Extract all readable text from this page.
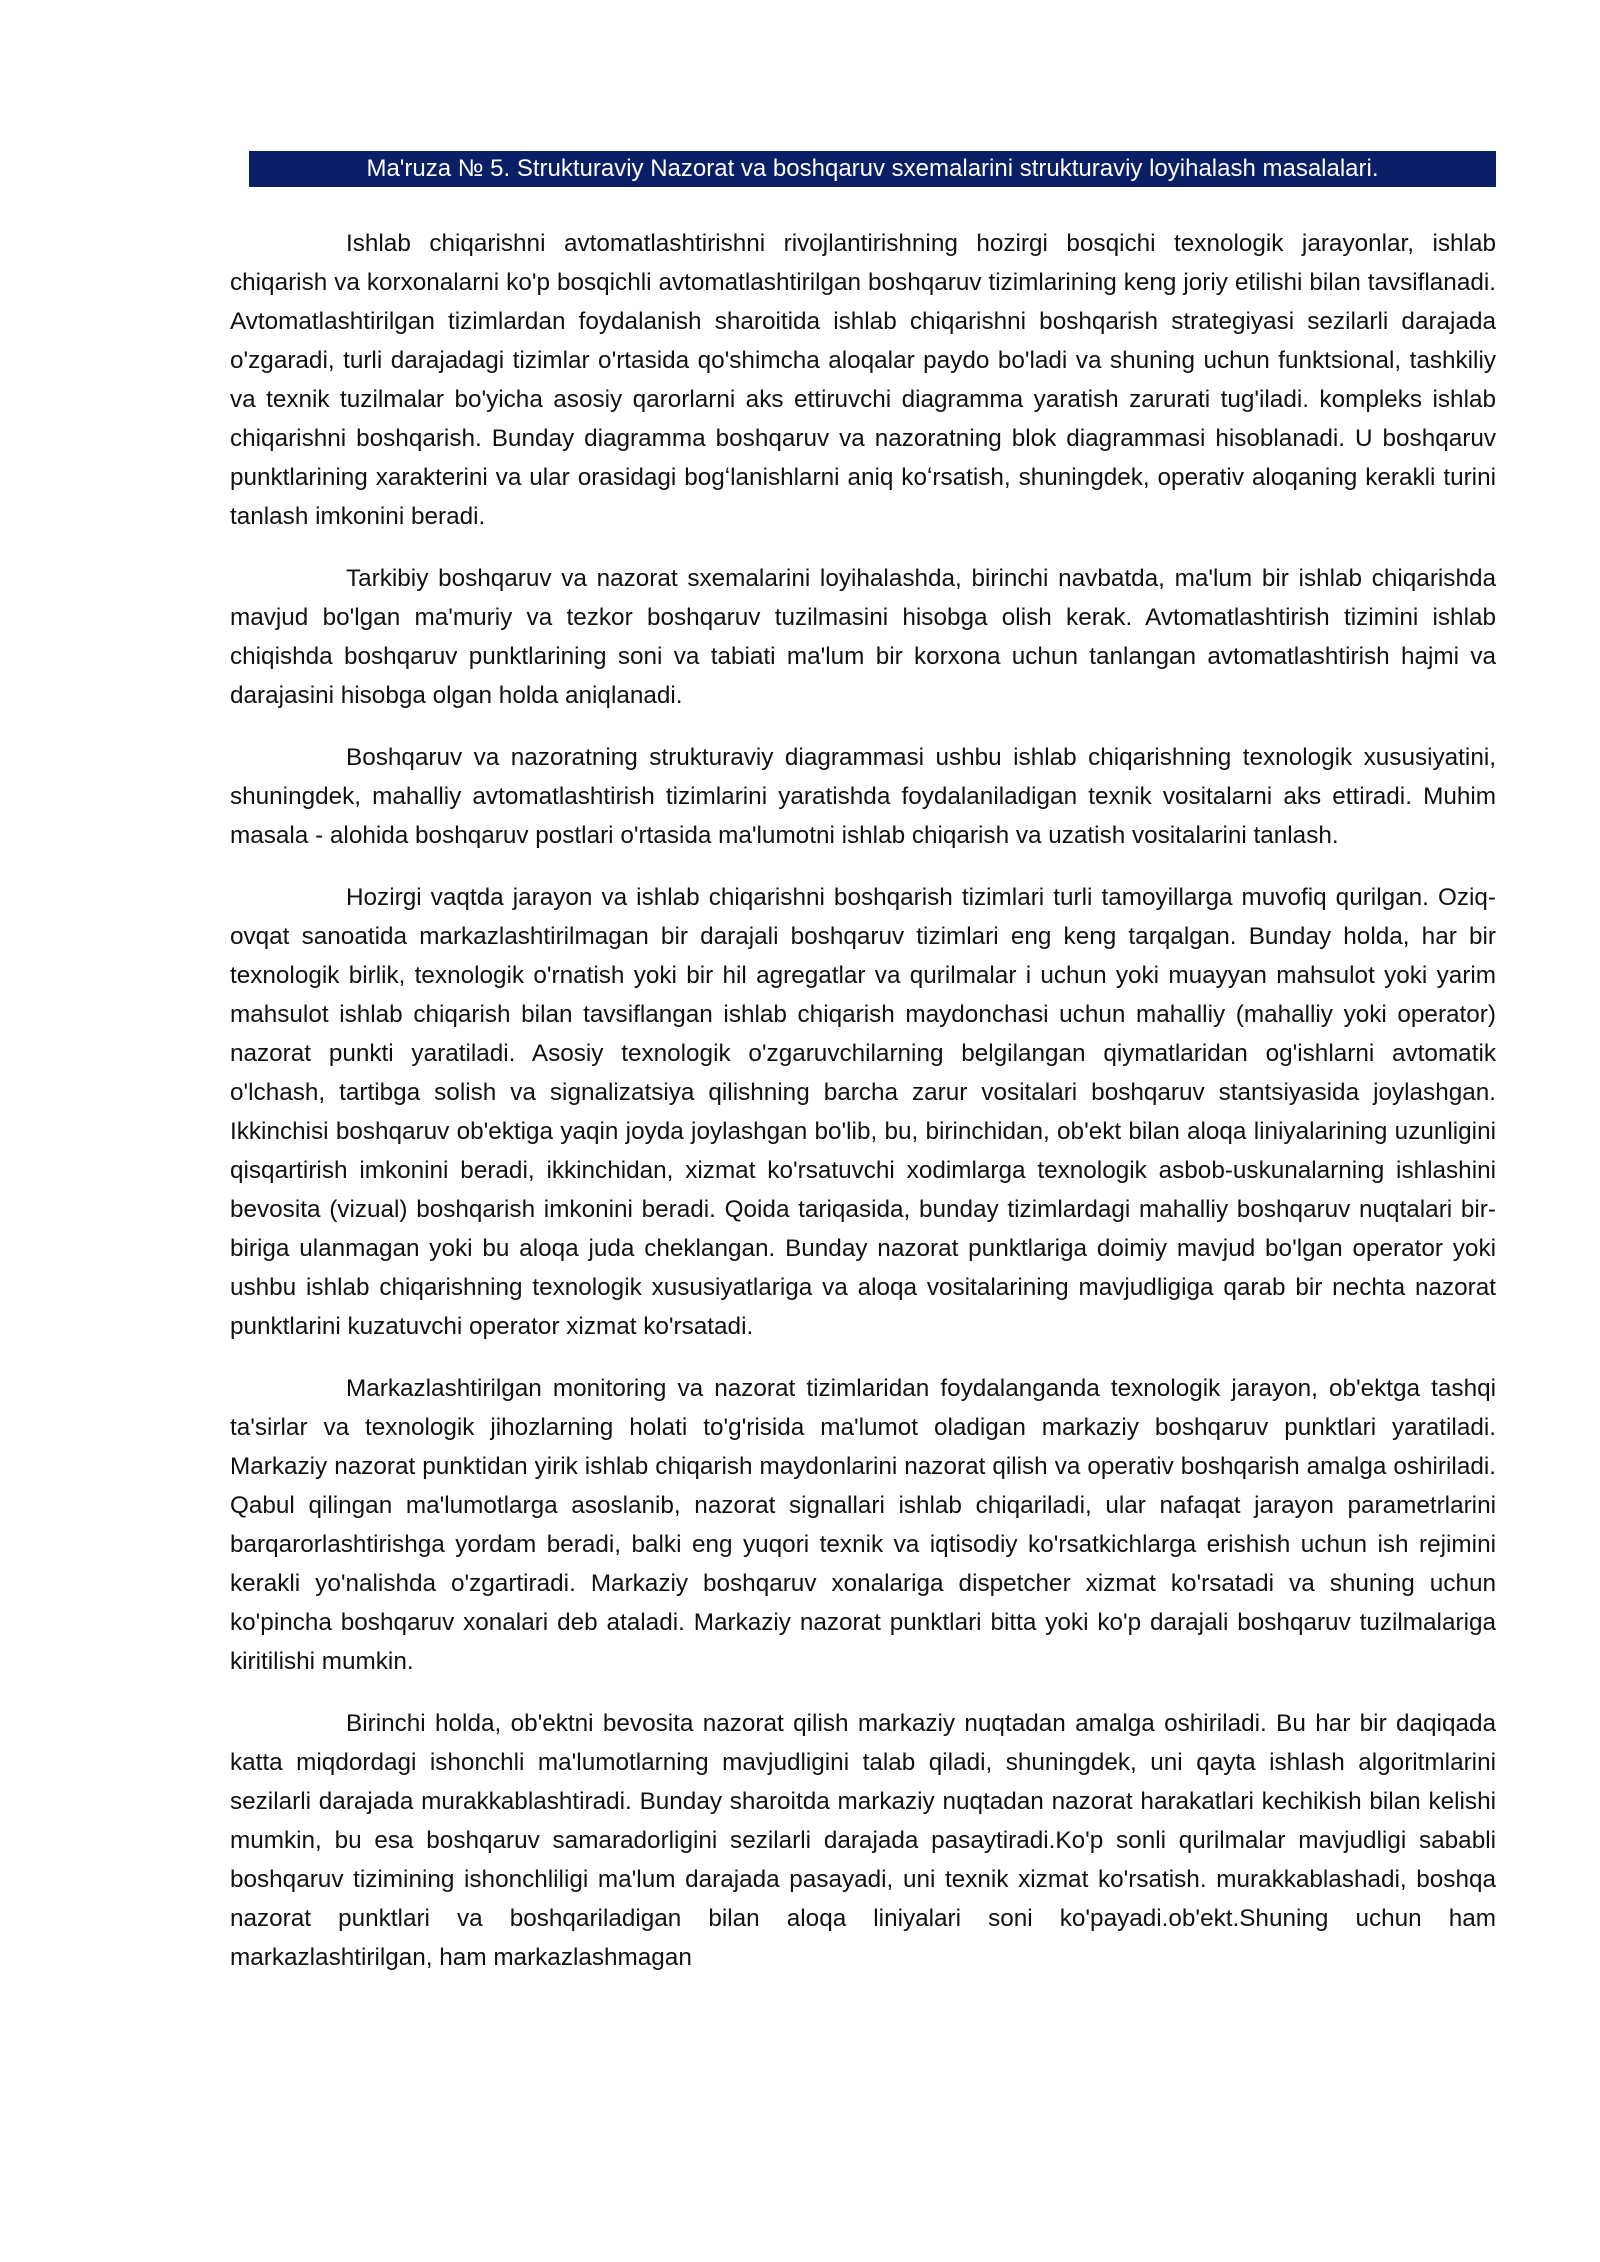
Ma'ruza № 5. Strukturaviy Nazorat va boshqaruv sxemalarini strukturaviy loyihalash masalalari.

Ishlab chiqarishni avtomatlashtirishni rivojlantirishning hozirgi bosqichi texnologik jarayonlar, ishlab chiqarish va korxonalarni ko'p bosqichli avtomatlashtirilgan boshqaruv tizimlarining keng joriy etilishi bilan tavsiflanadi. Avtomatlashtirilgan tizimlardan foydalanish sharoitida ishlab chiqarishni boshqarish strategiyasi sezilarli darajada o'zgaradi, turli darajadagi tizimlar o'rtasida qo'shimcha aloqalar paydo bo'ladi va shuning uchun funktsional, tashkiliy va texnik tuzilmalar bo'yicha asosiy qarorlarni aks ettiruvchi diagramma yaratish zarurati tug'iladi. kompleks ishlab chiqarishni boshqarish. Bunday diagramma boshqaruv va nazoratning blok diagrammasi hisoblanadi. U boshqaruv punktlarining xarakterini va ular orasidagi bogʻlanishlarni aniq koʻrsatish, shuningdek, operativ aloqaning kerakli turini tanlash imkonini beradi.

Tarkibiy boshqaruv va nazorat sxemalarini loyihalashda, birinchi navbatda, ma'lum bir ishlab chiqarishda mavjud bo'lgan ma'muriy va tezkor boshqaruv tuzilmasini hisobga olish kerak. Avtomatlashtirish tizimini ishlab chiqishda boshqaruv punktlarining soni va tabiati ma'lum bir korxona uchun tanlangan avtomatlashtirish hajmi va darajasini hisobga olgan holda aniqlanadi.

Boshqaruv va nazoratning strukturaviy diagrammasi ushbu ishlab chiqarishning texnologik xususiyatini, shuningdek, mahalliy avtomatlashtirish tizimlarini yaratishda foydalaniladigan texnik vositalarni aks ettiradi. Muhim masala - alohida boshqaruv postlari o'rtasida ma'lumotni ishlab chiqarish va uzatish vositalarini tanlash.

Hozirgi vaqtda jarayon va ishlab chiqarishni boshqarish tizimlari turli tamoyillarga muvofiq qurilgan. Oziq-ovqat sanoatida markazlashtirilmagan bir darajali boshqaruv tizimlari eng keng tarqalgan. Bunday holda, har bir texnologik birlik, texnologik o'rnatish yoki bir hil agregatlar va qurilmalar i uchun yoki muayyan mahsulot yoki yarim mahsulot ishlab chiqarish bilan tavsiflangan ishlab chiqarish maydonchasi uchun mahalliy (mahalliy yoki operator) nazorat punkti yaratiladi. Asosiy texnologik o'zgaruvchilarning belgilangan qiymatlaridan og'ishlarni avtomatik o'lchash, tartibga solish va signalizatsiya qilishning barcha zarur vositalari boshqaruv stantsiyasida joylashgan. Ikkinchisi boshqaruv ob'ektiga yaqin joyda joylashgan bo'lib, bu, birinchidan, ob'ekt bilan aloqa liniyalarining uzunligini qisqartirish imkonini beradi, ikkinchidan, xizmat ko'rsatuvchi xodimlarga texnologik asbob-uskunalarning ishlashini bevosita (vizual) boshqarish imkonini beradi. Qoida tariqasida, bunday tizimlardagi mahalliy boshqaruv nuqtalari bir-biriga ulanmagan yoki bu aloqa juda cheklangan. Bunday nazorat punktlariga doimiy mavjud bo'lgan operator yoki ushbu ishlab chiqarishning texnologik xususiyatlariga va aloqa vositalarining mavjudligiga qarab bir nechta nazorat punktlarini kuzatuvchi operator xizmat ko'rsatadi.

Markazlashtirilgan monitoring va nazorat tizimlaridan foydalanganda texnologik jarayon, ob'ektga tashqi ta'sirlar va texnologik jihozlarning holati to'g'risida ma'lumot oladigan markaziy boshqaruv punktlari yaratiladi. Markaziy nazorat punktidan yirik ishlab chiqarish maydonlarini nazorat qilish va operativ boshqarish amalga oshiriladi. Qabul qilingan ma'lumotlarga asoslanib, nazorat signallari ishlab chiqariladi, ular nafaqat jarayon parametrlarini barqarorlashtirishga yordam beradi, balki eng yuqori texnik va iqtisodiy ko'rsatkichlarga erishish uchun ish rejimini kerakli yo'nalishda o'zgartiradi. Markaziy boshqaruv xonalariga dispetcher xizmat ko'rsatadi va shuning uchun ko'pincha boshqaruv xonalari deb ataladi. Markaziy nazorat punktlari bitta yoki ko'p darajali boshqaruv tuzilmalariga kiritilishi mumkin.

Birinchi holda, ob'ektni bevosita nazorat qilish markaziy nuqtadan amalga oshiriladi. Bu har bir daqiqada katta miqdordagi ishonchli ma'lumotlarning mavjudligini talab qiladi, shuningdek, uni qayta ishlash algoritmlarini sezilarli darajada murakkablashtiradi. Bunday sharoitda markaziy nuqtadan nazorat harakatlari kechikish bilan kelishi mumkin, bu esa boshqaruv samaradorligini sezilarli darajada pasaytiradi.Ko'p sonli qurilmalar mavjudligi sababli boshqaruv tizimining ishonchliligi ma'lum darajada pasayadi, uni texnik xizmat ko'rsatish. murakkablashadi, boshqa nazorat punktlari va boshqariladigan bilan aloqa liniyalari soni ko'payadi.ob'ekt.Shuning uchun ham markazlashtirilgan, ham markazlashmagan
